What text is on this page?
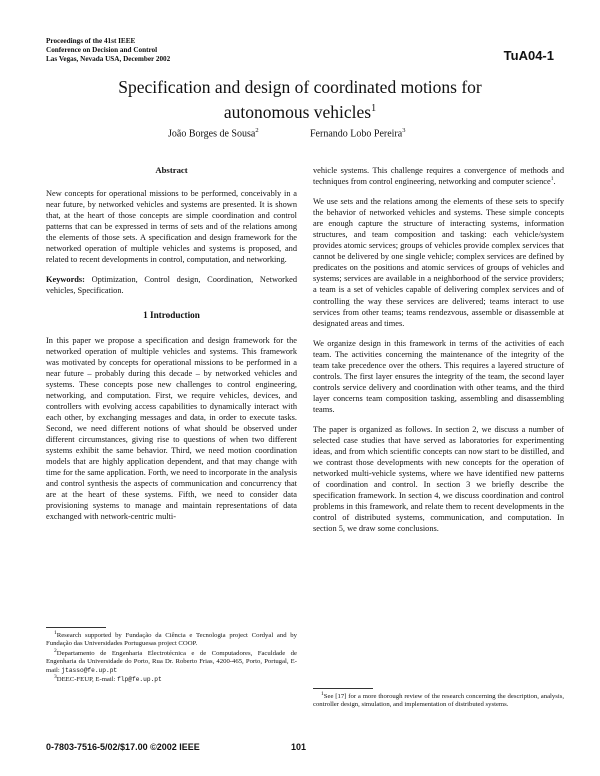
Proceedings of the 41st IEEE
Conference on Decision and Control
Las Vegas, Nevada USA, December 2002	TuA04-1
Specification and design of coordinated motions for
autonomous vehicles$^1$
João Borges de Sousa$^2$	Fernando Lobo Pereira$^3$
Abstract

New concepts for operational missions to be performed, conceivably in a near future, by networked vehicles and systems are presented. It is shown that, at the heart of those concepts are simple coordination and control patterns that can be expressed in terms of sets and of the relations among the elements of those sets. A specification and design framework for the networked operation of multiple vehicles and systems is proposed, and related to recent developments in control, computation, and networking.

Keywords: Optimization, Control design, Coordination, Networked vehicles, Specification.

1 Introduction

In this paper we propose a specification and design framework for the networked operation of multiple vehicles and systems. This framework was motivated by concepts for operational missions to be performed in a near future – probably during this decade – by networked vehicles and systems. These concepts pose new challenges to control engineering, networking, and computation. First, we require vehicles, devices, and controllers with evolving access capabilities to dynamically interact with each other, by exchanging messages and data, in order to execute tasks. Second, we need different notions of what should be observed under different circumstances, giving rise to questions of when two different systems exhibit the same behavior. Third, we need motion coordination models that are highly application dependent, and that may change with time for the same application. Forth, we need to incorporate in the analysis and control synthesis the aspects of communication and concurrency that are at the heart of these systems. Fifth, we need to consider data provisioning systems to manage and maintain representations of data exchanged with network-centric multi-

vehicle systems. This challenge requires a convergence of methods and techniques from control engineering, networking and computer science$^1$.

We use sets and the relations among the elements of these sets to specify the behavior of networked vehicles and systems. These simple concepts are enough capture the structure of interacting systems, information structures, and team composition and tasking: each vehicle/system provides atomic services; groups of vehicles provide complex services that cannot be delivered by one single vehicle; complex services are defined by predicates on the positions and atomic services of groups of vehicles and systems; services are available in a neighborhood of the service providers; a team is a set of vehicles capable of delivering complex services and of controlling the way these services are delivered; teams interact to use services from other teams; teams rendezvous, assemble or disassemble at designated areas and times.

We organize design in this framework in terms of the activities of each team. The activities concerning the maintenance of the integrity of the team take precedence over the others. This requires a layered structure of controls. The first layer ensures the integrity of the team, the second layer controls service delivery and coordination with other teams, and the third layer concerns team composition tasking, assembling and disassembling teams.

The paper is organized as follows. In section 2, we discuss a number of selected case studies that have served as laboratories for experimenting ideas, and from which scientific concepts can now start to be distilled, and we contrast those developments with new concepts for the operation of networked multi-vehicle systems, where we have identified new patterns of coordination and control. In section 3 we briefly describe the specification framework. In section 4, we discuss coordination and control problems in this framework, and relate them to recent developments in the control of distributed systems, communication, and computation. In section 5, we draw some conclusions.

$^1$Research supported by Fundação da Ciência e Tecnologia project Cordyal and by Fundação das Universidades Portuguesas project COOP.

$^2$Departamento de Engenharia Electrotécnica e de Computadores, Faculdade de Engenharia da Universidade do Porto, Rua Dr. Roberto Frias, 4200-465, Porto, Portugal, E-mail: jtasso@fe.up.pt

$^3$DEEC-FEUP, E-mail: flp@fe.up.pt

$^1$See [17] for a more thorough review of the research concerning the description, analysis, controller design, simulation, and implementation of distributed systems.

0-7803-7516-5/02/$17.00 ©2002 IEEE	101
